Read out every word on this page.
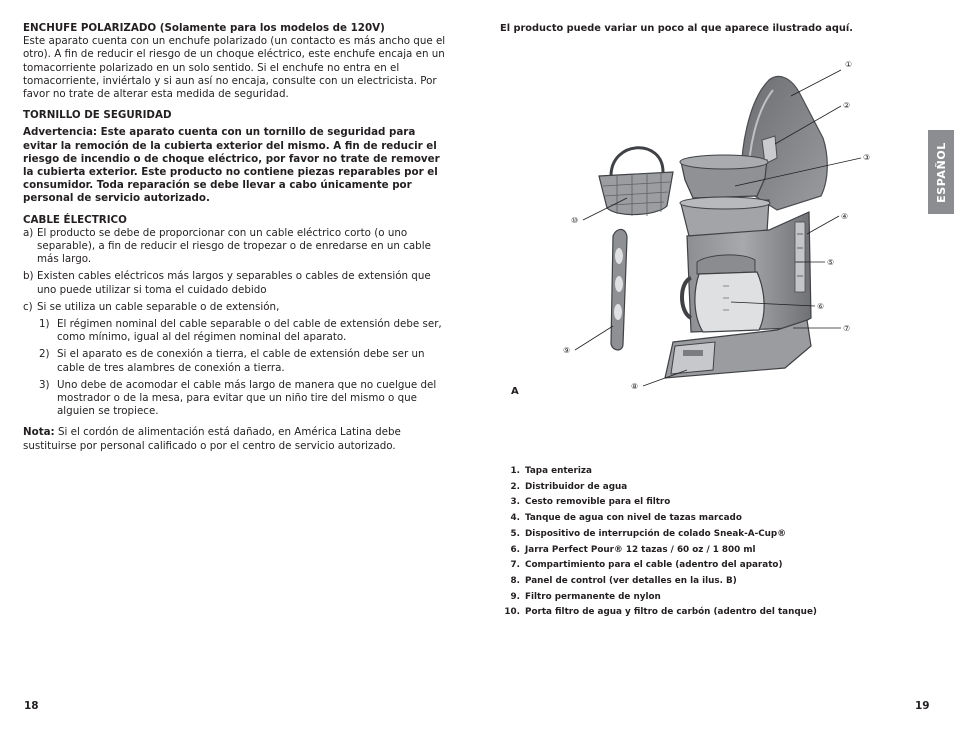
ENCHUFE POLARIZADO (Solamente para los modelos de 120V)

Este aparato cuenta con un enchufe polarizado (un contacto es más ancho que el otro). A fin de reducir el riesgo de un choque eléctrico, este enchufe encaja en un tomacorriente polarizado en un solo sentido. Si el enchufe no entra en el tomacorriente, inviértalo y si aun así no encaja, consulte con un electricista. Por favor no trate de alterar esta medida de seguridad.

TORNILLO DE SEGURIDAD

Advertencia: Este aparato cuenta con un tornillo de seguridad para evitar la remoción de la cubierta exterior del mismo. A fin de reducir el riesgo de incendio o de choque eléctrico, por favor no trate de remover la cubierta exterior. Este producto no contiene piezas reparables por el consumidor. Toda reparación se debe llevar a cabo únicamente por personal de servicio autorizado.

CABLE ÉLECTRICO

a) El producto se debe de proporcionar con un cable eléctrico corto (o uno separable), a fin de reducir el riesgo de tropezar o de enredarse en un cable más largo.
b) Existen cables eléctricos más largos y separables o cables de extensión que uno puede utilizar si toma el cuidado debido
c) Si se utiliza un cable separable o de extensión,
1) El régimen nominal del cable separable o del cable de extensión debe ser, como mínimo, igual al del régimen nominal del aparato.
2) Si el aparato es de conexión a tierra, el cable de extensión debe ser un cable de tres alambres de conexión a tierra.
3) Uno debe de acomodar el cable más largo de manera que no cuelgue del mostrador o de la mesa, para evitar que un niño tire del mismo o que alguien se tropiece.

Nota: Si el cordón de alimentación está dañado, en América Latina debe sustituirse por personal calificado o por el centro de servicio autorizado.

18
El producto puede variar un poco al que aparece ilustrado aquí.
①
②
③
④
⑤
⑥
⑦
⑧
⑨
⑩
A
1. Tapa enteriza
2. Distribuidor de agua
3. Cesto removible para el filtro
4. Tanque de agua con nivel de tazas marcado
5. Dispositivo de interrupción de colado Sneak-A-Cup®
6. Jarra Perfect Pour® 12 tazas / 60 oz / 1 800 ml
7. Compartimiento para el cable (adentro del aparato)
8. Panel de control (ver detalles en la ilus. B)
9. Filtro permanente de nylon
10. Porta filtro de agua y filtro de carbón (adentro del tanque)
ESPAÑOL
19
